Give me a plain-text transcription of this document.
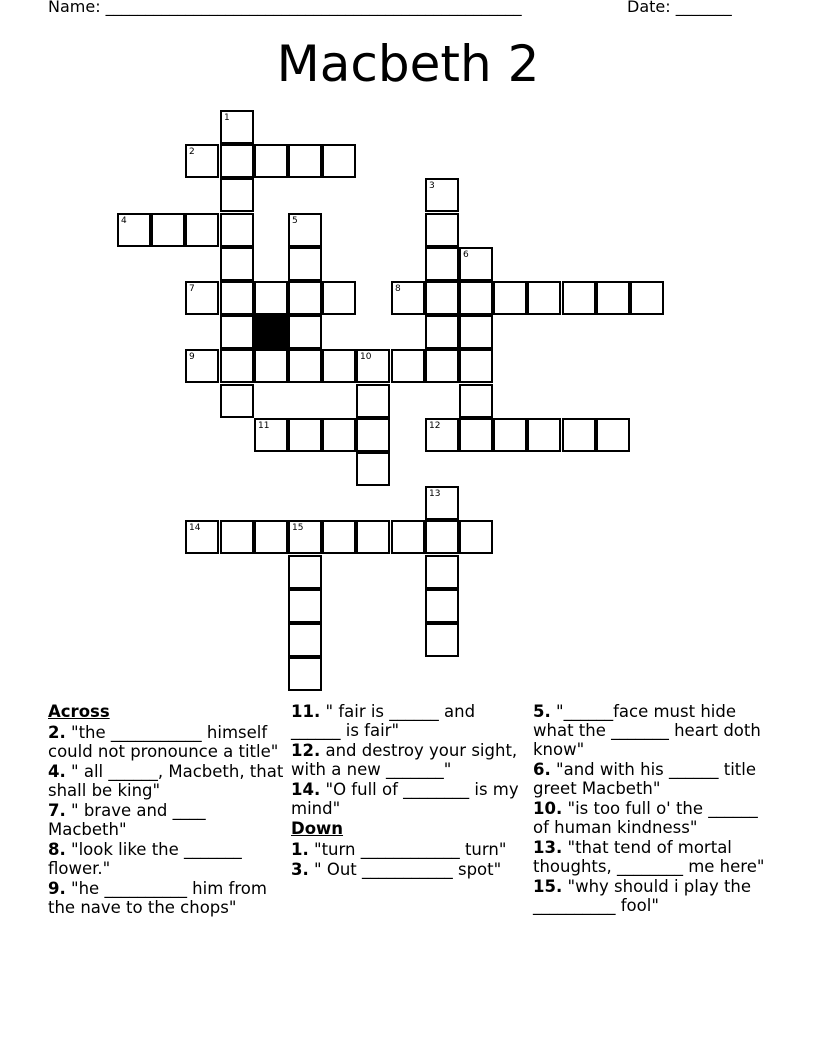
Name: ____________________________________________________	Date: _______
Macbeth 2
1
2
3
4	5
6
7	8
9	10
11	12
13
14	15
Across
2. "the ___________ himself could not pronounce a title"
4. " all ______, Macbeth, that shall be king"
7. " brave and ____ Macbeth"
8. "look like the _______ flower."
9. "he __________ him from the nave to the chops"
11. " fair is ______ and ______ is fair"
12. and destroy your sight, with a new _______"
14. "O full of ________ is my mind"
Down
1. "turn ____________ turn"
3. " Out ___________ spot"
5. "______face must hide what the _______ heart doth know"
6. "and with his ______ title greet Macbeth"
10. "is too full o' the ______ of human kindness"
13. "that tend of mortal thoughts, ________ me here"
15. "why should i play the __________ fool"
